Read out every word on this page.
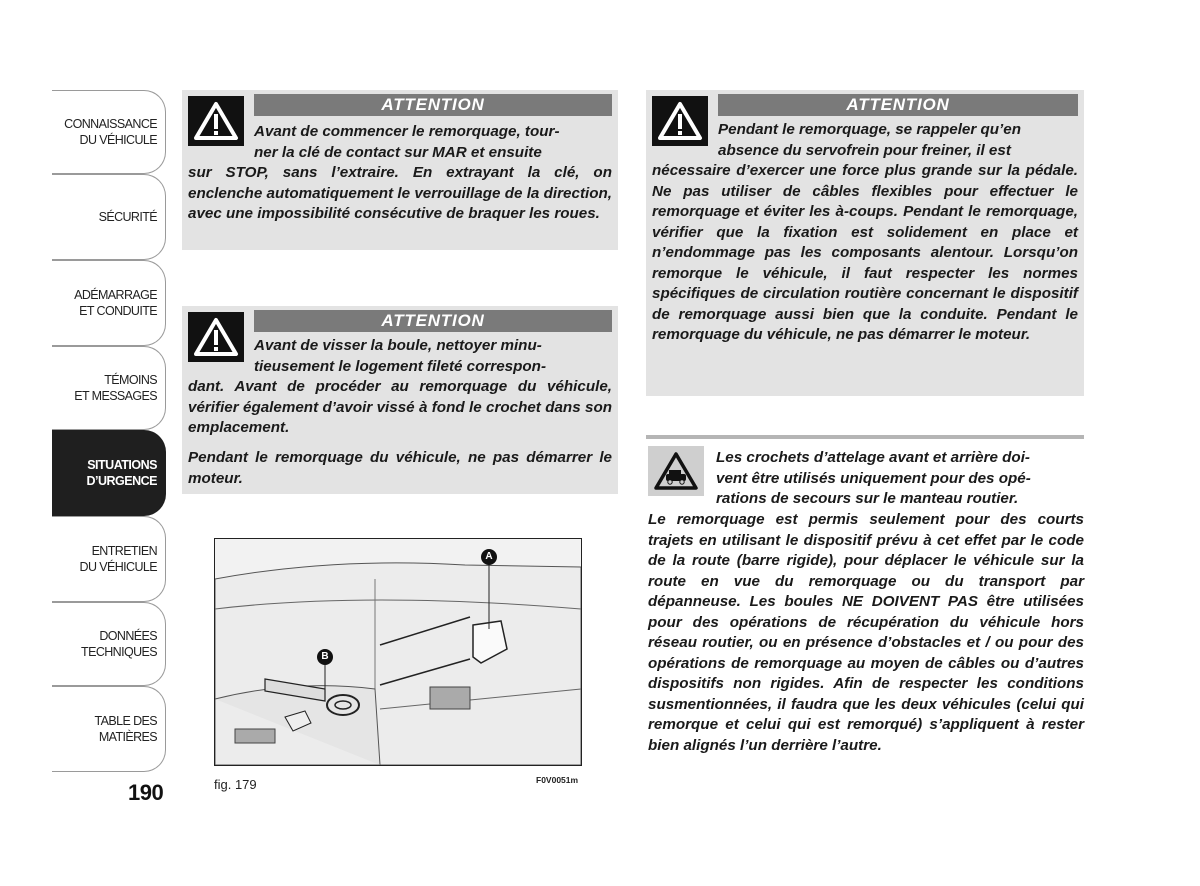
CONNAISSANCE
DU VÉHICULE
SÉCURITÉ
ADÉMARRAGE
ET CONDUITE
TÉMOINS
ET MESSAGES
SITUATIONS
D’URGENCE
ENTRETIEN
DU VÉHICULE
DONNÉES
TECHNIQUES
TABLE DES
MATIÈRES
190
ATTENTION
Avant de commencer le remorquage, tour-
ner la clé de contact sur MAR et ensuite
sur STOP, sans l’extraire. En extrayant la clé, on enclenche automatiquement le verrouillage de la direction, avec une impossibilité consécutive de braquer les roues.
ATTENTION
Avant de visser la boule, nettoyer minu-
tieusement le logement fileté correspon-
dant. Avant de procéder au remorquage du véhicule, vérifier également d’avoir vissé à fond le crochet dans son emplacement.
Pendant le remorquage du véhicule, ne pas démarrer le moteur.
ATTENTION
Pendant le remorquage, se rappeler qu’en
absence du servofrein pour freiner, il est
nécessaire d’exercer une force plus grande sur la pédale. Ne pas utiliser de câbles flexibles pour effectuer le remorquage et éviter les à-coups. Pendant le remorquage, vérifier que la fixation est solidement en place et n’endommage pas les composants alentour. Lorsqu’on remorque le véhicule, il faut respecter les normes spécifiques de circulation routière concernant le dispositif de remorquage aussi bien que la conduite. Pendant le remorquage du véhicule, ne pas démarrer le moteur.
Les crochets d’attelage avant et arrière doi-
vent être utilisés uniquement pour des opé-
rations de secours sur le manteau routier.
Le remorquage est permis seulement pour des courts trajets en utilisant le dispositif prévu à cet effet par le code de la route (barre rigide), pour déplacer le véhicule sur la route en vue du remorquage ou du transport par dépanneuse. Les boules NE DOIVENT PAS être utilisées pour des opérations de récupération du véhicule hors réseau routier, ou en présence d’obstacles et / ou pour des opérations de remorquage au moyen de câbles ou d’autres dispositifs non rigides. Afin de respecter les conditions susmentionnées, il faudra que les deux véhicules (celui qui remorque et celui qui est remorqué) s’appliquent à rester bien alignés l’un derrière l’autre.
A
B
fig. 179	F0V0051m
